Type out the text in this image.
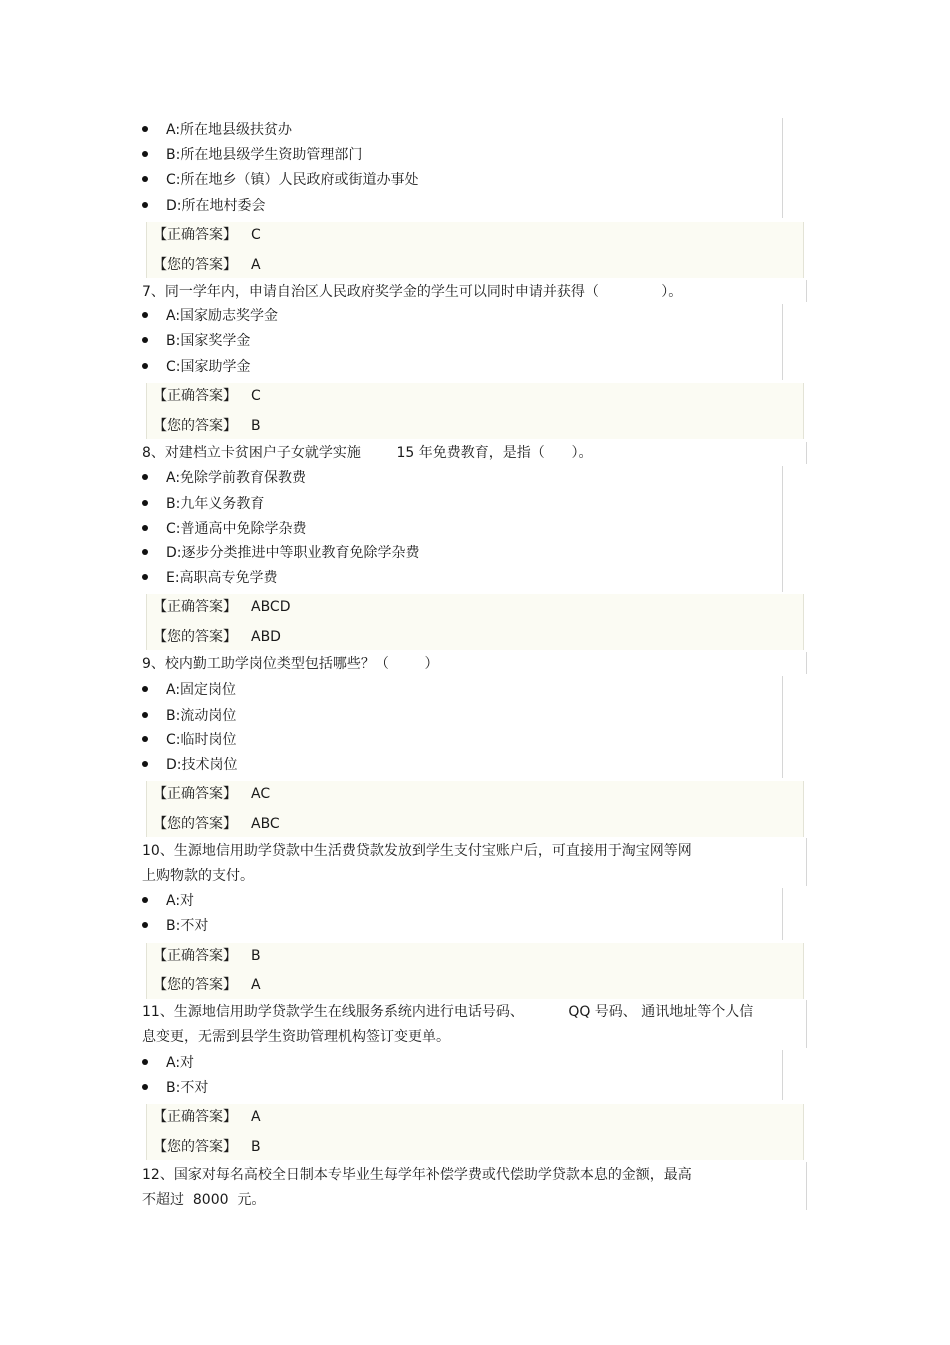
A:所在地县级扶贫办
B:所在地县级学生资助管理部门
C:所在地乡（镇）人民政府或街道办事处
D:所在地村委会
【正确答案】 C
【您的答案】 A
7、同一学年内，申请自治区人民政府奖学金的学生可以同时申请并获得（              ）。
A:国家励志奖学金
B:国家奖学金
C:国家助学金
【正确答案】 C
【您的答案】 B
8、对建档立卡贫困户子女就学实施        15 年免费教育，是指（      ）。
A:免除学前教育保教费
B:九年义务教育
C:普通高中免除学杂费
D:逐步分类推进中等职业教育免除学杂费
E:高职高专免学费
【正确答案】 ABCD
【您的答案】 ABD
9、校内勤工助学岗位类型包括哪些？（        ）
A:固定岗位
B:流动岗位
C:临时岗位
D:技术岗位
【正确答案】 AC
【您的答案】 ABC
10、生源地信用助学贷款中生活费贷款发放到学生支付宝账户后，可直接用于淘宝网等网
上购物款的支付。
A:对
B:不对
【正确答案】 B
【您的答案】 A
11、生源地信用助学贷款学生在线服务系统内进行电话号码、          QQ 号码、 通讯地址等个人信
息变更，无需到县学生资助管理机构签订变更单。
A:对
B:不对
【正确答案】 A
【您的答案】 B
12、国家对每名高校全日制本专毕业生每学年补偿学费或代偿助学贷款本息的金额，最高
不超过  8000  元。
